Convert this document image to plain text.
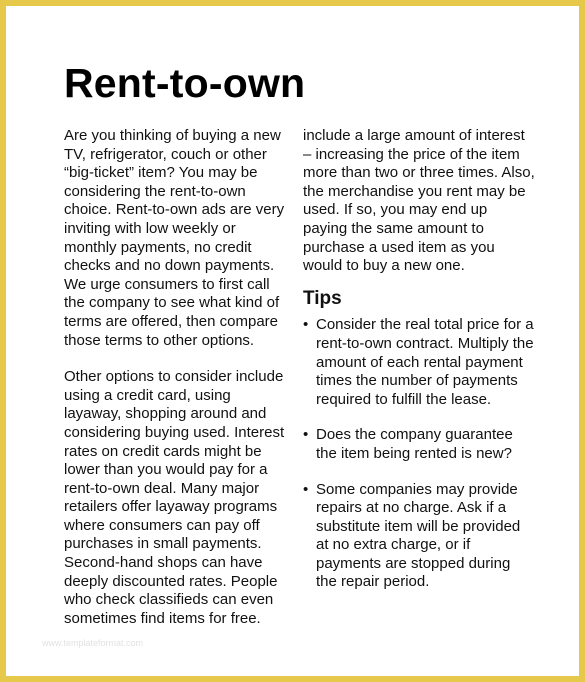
Rent-to-own

Are you thinking of buying a new TV, refrigerator, couch or other “big-ticket” item? You may be considering the rent-to-own choice. Rent-to-own ads are very inviting with low weekly or monthly payments, no credit checks and no down payments. We urge consumers to first call the company to see what kind of terms are offered, then compare those terms to other options.

Other options to consider include using a credit card, using layaway, shopping around and considering buying used. Interest rates on credit cards might be lower than you would pay for a rent-to-own deal. Many major retailers offer layaway programs where consumers can pay off purchases in small payments. Second-hand shops can have deeply discounted rates. People who check classifieds can even sometimes find items for free.

include a large amount of interest – increasing the price of the item more than two or three times. Also, the merchandise you rent may be used. If so, you may end up paying the same amount to purchase a used item as you would to buy a new one.

Tips
• Consider the real total price for a rent-to-own contract. Multiply the amount of each rental payment times the number of payments required to fulfill the lease.
• Does the company guarantee the item being rented is new?
• Some companies may provide repairs at no charge. Ask if a substitute item will be provided at no extra charge, or if payments are stopped during the repair period.
www.templateformat.com
